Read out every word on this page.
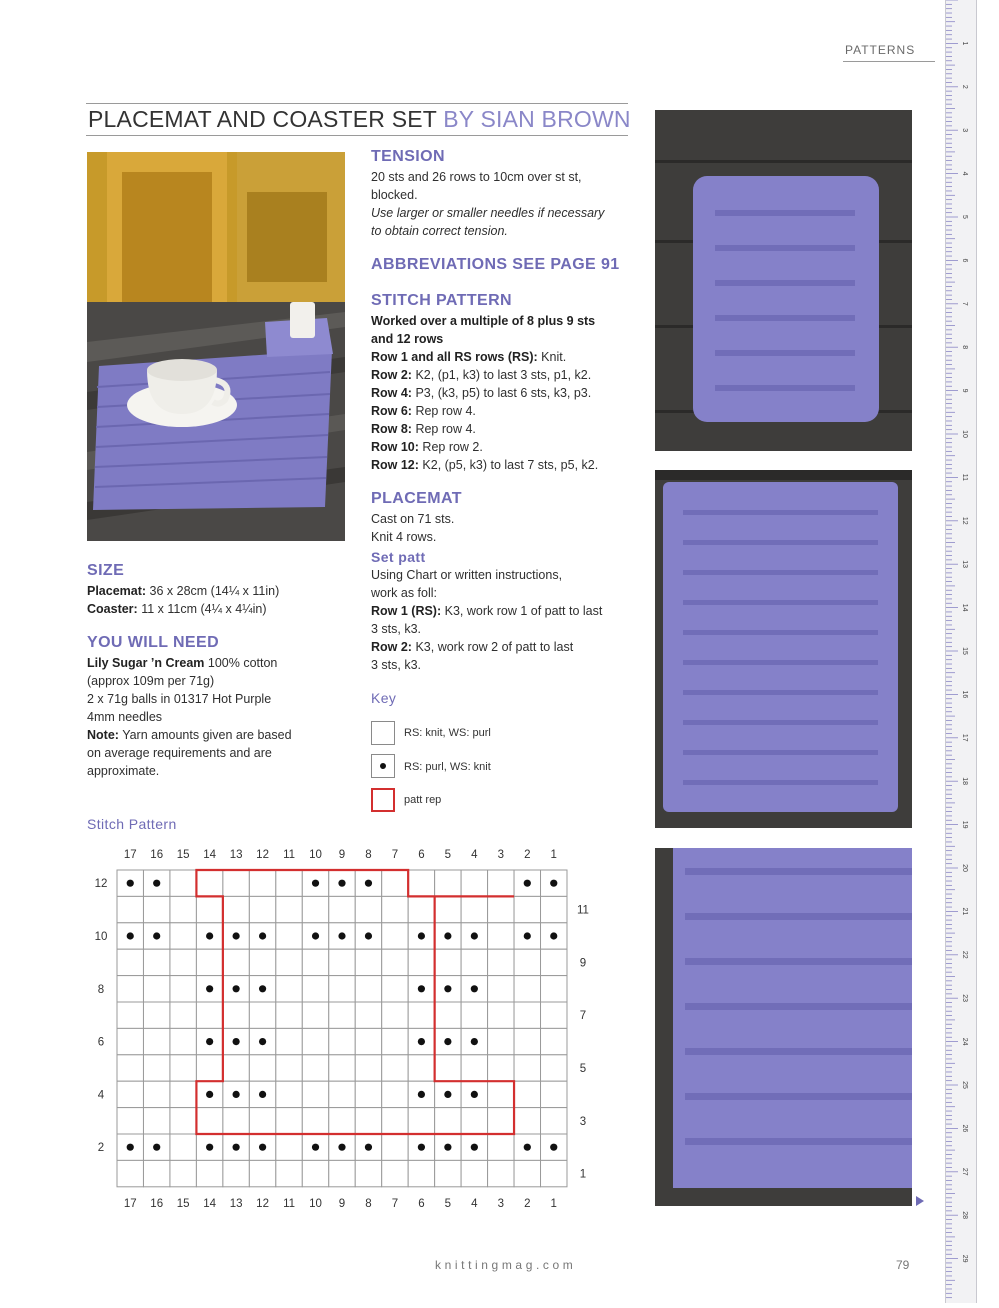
PATTERNS
PLACEMAT AND COASTER SET BY SIAN BROWN
TENSION
20 sts and 26 rows to 10cm over st st,
blocked.
Use larger or smaller needles if necessary
to obtain correct tension.
ABBREVIATIONS SEE PAGE 91
STITCH PATTERN
Worked over a multiple of 8 plus 9 sts
and 12 rows
Row 1 and all RS rows (RS): Knit.
Row 2: K2, (p1, k3) to last 3 sts, p1, k2.
Row 4: P3, (k3, p5) to last 6 sts, k3, p3.
Row 6: Rep row 4.
Row 8: Rep row 4.
Row 10: Rep row 2.
Row 12: K2, (p5, k3) to last 7 sts, p5, k2.
PLACEMAT
Cast on 71 sts.
Knit 4 rows.
Set patt
Using Chart or written instructions,
work as foll:
Row 1 (RS): K3, work row 1 of patt to last
3 sts, k3.
Row 2: K3, work row 2 of patt to last
3 sts, k3.
Key
RS: knit, WS: purl
RS: purl, WS: knit
patt rep
SIZE
Placemat: 36 x 28cm (14¼ x 11in)
Coaster: 11 x 11cm (4¼ x 4¼in)
YOU WILL NEED
Lily Sugar ’n Cream 100% cotton
(approx 109m per 71g)
2 x 71g balls in 01317 Hot Purple
4mm needles
Note: Yarn amounts given are based
on average requirements and are
approximate.
Stitch Pattern
17
17
16
16
15
15
14
14
13
13
12
12
11
11
10
10
9
9
8
8
7
7
6
6
5
5
4
4
3
3
2
2
1
1
12
10
8
6
4
2
11
9
7
5
3
1
1
2
3
4
5
6
7
8
9
10
11
12
13
14
15
16
17
18
19
20
21
22
23
24
25
26
27
28
29
knittingmag.com	79
